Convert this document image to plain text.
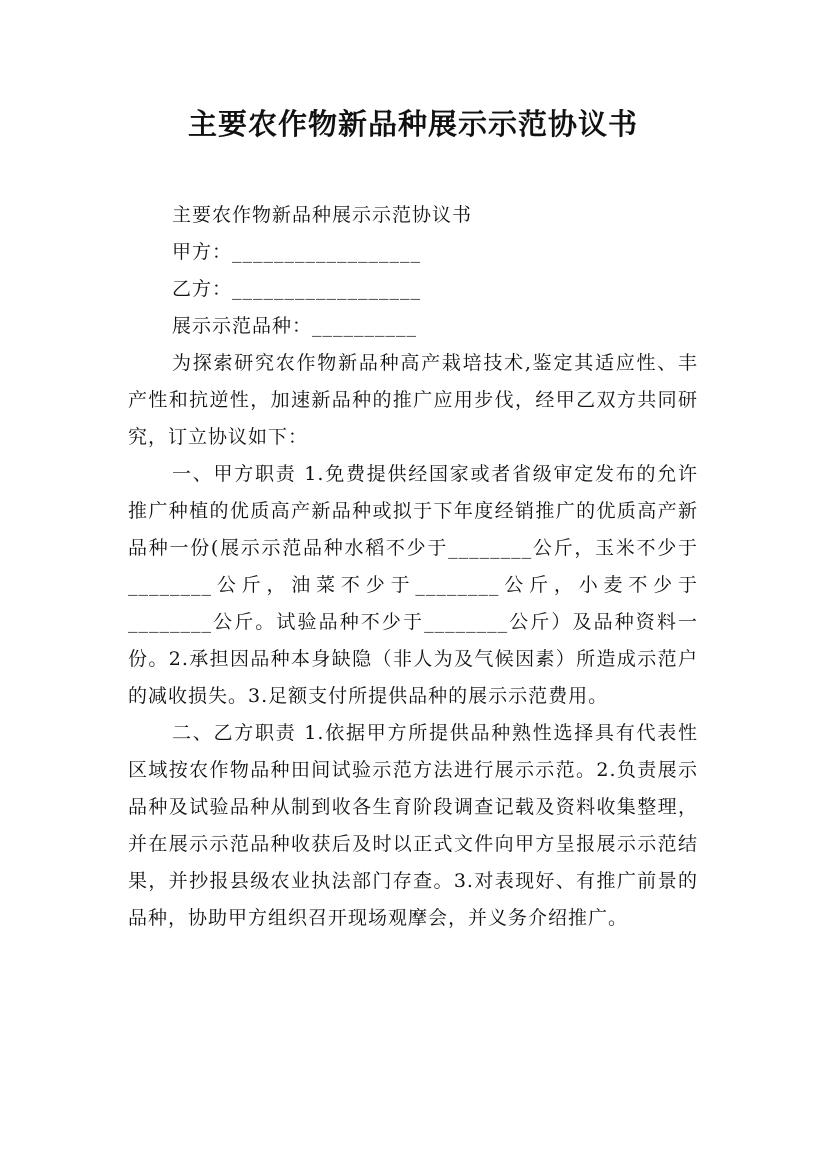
主要农作物新品种展示示范协议书

主要农作物新品种展示示范协议书

甲方：__________________

乙方：__________________

展示示范品种：__________

为探索研究农作物新品种高产栽培技术,鉴定其适应性、丰产性和抗逆性，加速新品种的推广应用步伐，经甲乙双方共同研究，订立协议如下：

一、甲方职责 1.免费提供经国家或者省级审定发布的允许推广种植的优质高产新品种或拟于下年度经销推广的优质高产新品种一份(展示示范品种水稻不少于________公斤，玉米不少于________公斤，油菜不少于________公斤，小麦不少于________公斤。试验品种不少于________公斤）及品种资料一份。2.承担因品种本身缺隐（非人为及气候因素）所造成示范户的减收损失。3.足额支付所提供品种的展示示范费用。

二、乙方职责 1.依据甲方所提供品种熟性选择具有代表性区域按农作物品种田间试验示范方法进行展示示范。2.负责展示品种及试验品种从制到收各生育阶段调查记载及资料收集整理，并在展示示范品种收获后及时以正式文件向甲方呈报展示示范结果，并抄报县级农业执法部门存查。3.对表现好、有推广前景的品种，协助甲方组织召开现场观摩会，并义务介绍推广。
